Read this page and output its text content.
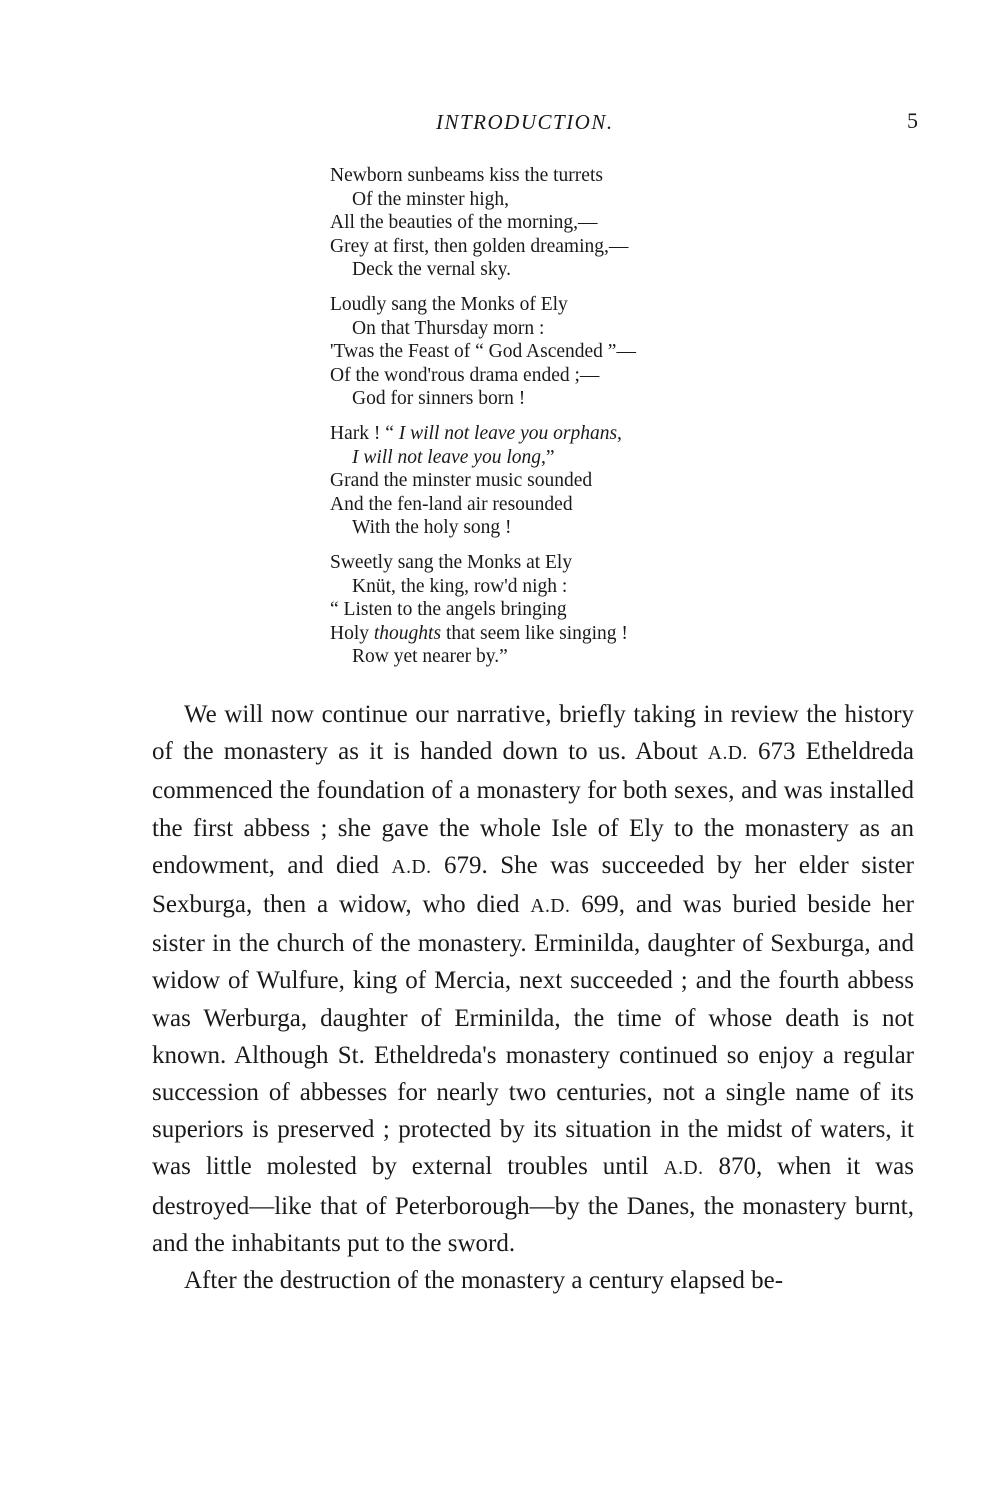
INTRODUCTION.	5
Newborn sunbeams kiss the turrets
Of the minster high,
All the beauties of the morning,—
Grey at first, then golden dreaming,—
Deck the vernal sky.
Loudly sang the Monks of Ely
On that Thursday morn :
'Twas the Feast of “ God Ascended ”—
Of the wond'rous drama ended ;—
God for sinners born !
Hark ! “ I will not leave you orphans,
I will not leave you long,”
Grand the minster music sounded
And the fen-land air resounded
With the holy song !
Sweetly sang the Monks at Ely
Knüt, the king, row'd nigh :
“ Listen to the angels bringing
Holy thoughts that seem like singing !
Row yet nearer by.”

We will now continue our narrative, briefly taking in review the history of the monastery as it is handed down to us. About A.D. 673 Etheldreda commenced the foundation of a monastery for both sexes, and was installed the first abbess ; she gave the whole Isle of Ely to the monastery as an endowment, and died A.D. 679. She was succeeded by her elder sister Sexburga, then a widow, who died A.D. 699, and was buried beside her sister in the church of the monastery. Erminilda, daughter of Sexburga, and widow of Wulfure, king of Mercia, next succeeded ; and the fourth abbess was Werburga, daughter of Erminilda, the time of whose death is not known. Although St. Etheldreda's monastery continued so enjoy a regular succession of abbesses for nearly two centuries, not a single name of its superiors is preserved ; protected by its situation in the midst of waters, it was little molested by external troubles until A.D. 870, when it was destroyed—like that of Peterborough—by the Danes, the monastery burnt, and the inhabitants put to the sword.

After the destruction of the monastery a century elapsed be-
